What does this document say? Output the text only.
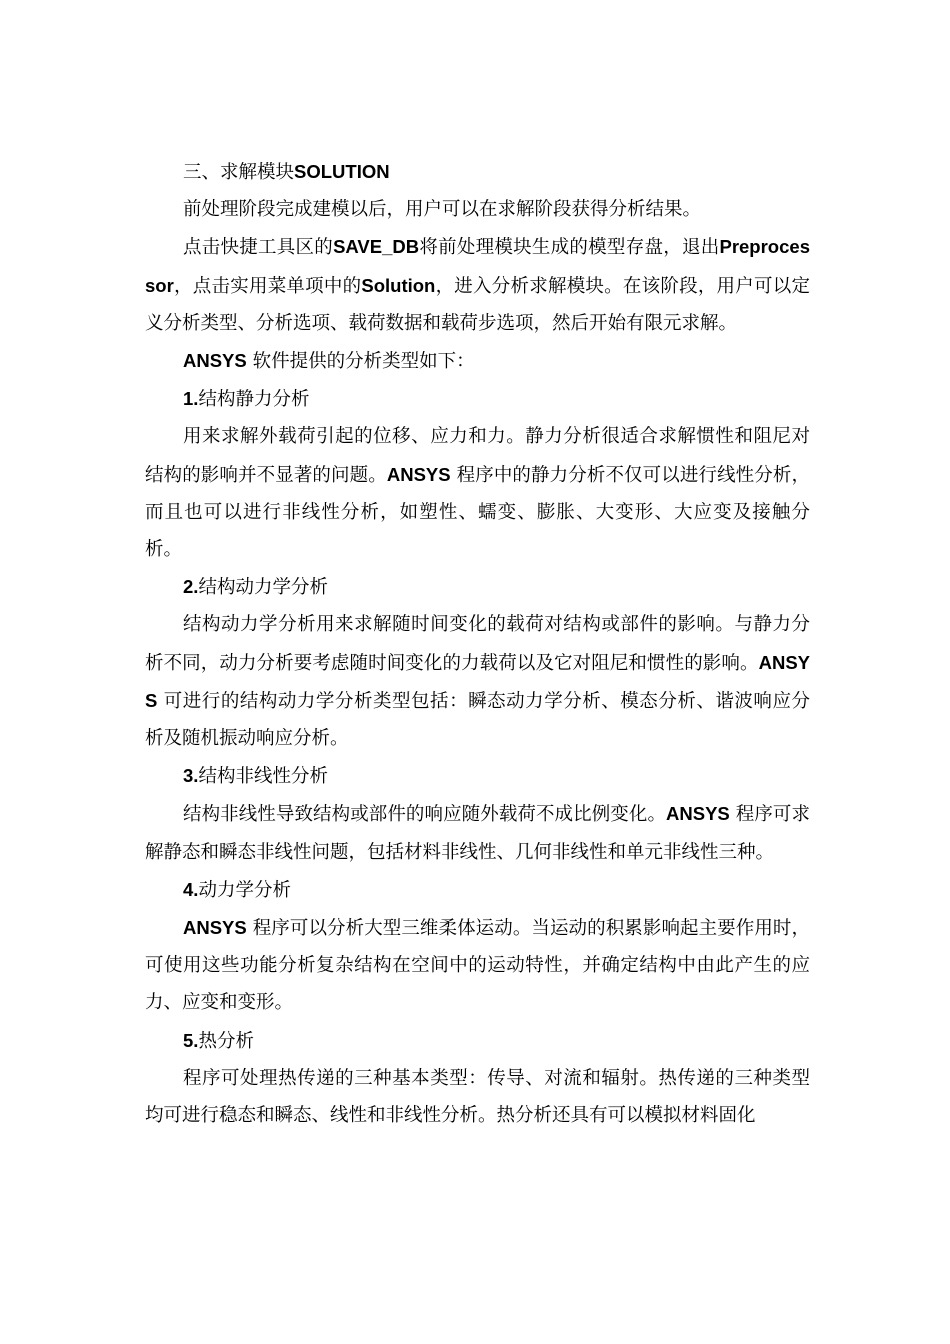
三、求解模块SOLUTION

前处理阶段完成建模以后，用户可以在求解阶段获得分析结果。

点击快捷工具区的SAVE_DB将前处理模块生成的模型存盘，退出Preprocessor，点击实用菜单项中的Solution，进入分析求解模块。在该阶段，用户可以定义分析类型、分析选项、载荷数据和载荷步选项，然后开始有限元求解。

ANSYS 软件提供的分析类型如下：

1.结构静力分析

用来求解外载荷引起的位移、应力和力。静力分析很适合求解惯性和阻尼对结构的影响并不显著的问题。ANSYS 程序中的静力分析不仅可以进行线性分析，而且也可以进行非线性分析，如塑性、蠕变、膨胀、大变形、大应变及接触分析。

2.结构动力学分析

结构动力学分析用来求解随时间变化的载荷对结构或部件的影响。与静力分析不同，动力分析要考虑随时间变化的力载荷以及它对阻尼和惯性的影响。ANSYS 可进行的结构动力学分析类型包括：瞬态动力学分析、模态分析、谐波响应分析及随机振动响应分析。

3.结构非线性分析

结构非线性导致结构或部件的响应随外载荷不成比例变化。ANSYS 程序可求解静态和瞬态非线性问题，包括材料非线性、几何非线性和单元非线性三种。

4.动力学分析

ANSYS 程序可以分析大型三维柔体运动。当运动的积累影响起主要作用时，可使用这些功能分析复杂结构在空间中的运动特性，并确定结构中由此产生的应力、应变和变形。

5.热分析

程序可处理热传递的三种基本类型：传导、对流和辐射。热传递的三种类型均可进行稳态和瞬态、线性和非线性分析。热分析还具有可以模拟材料固化
